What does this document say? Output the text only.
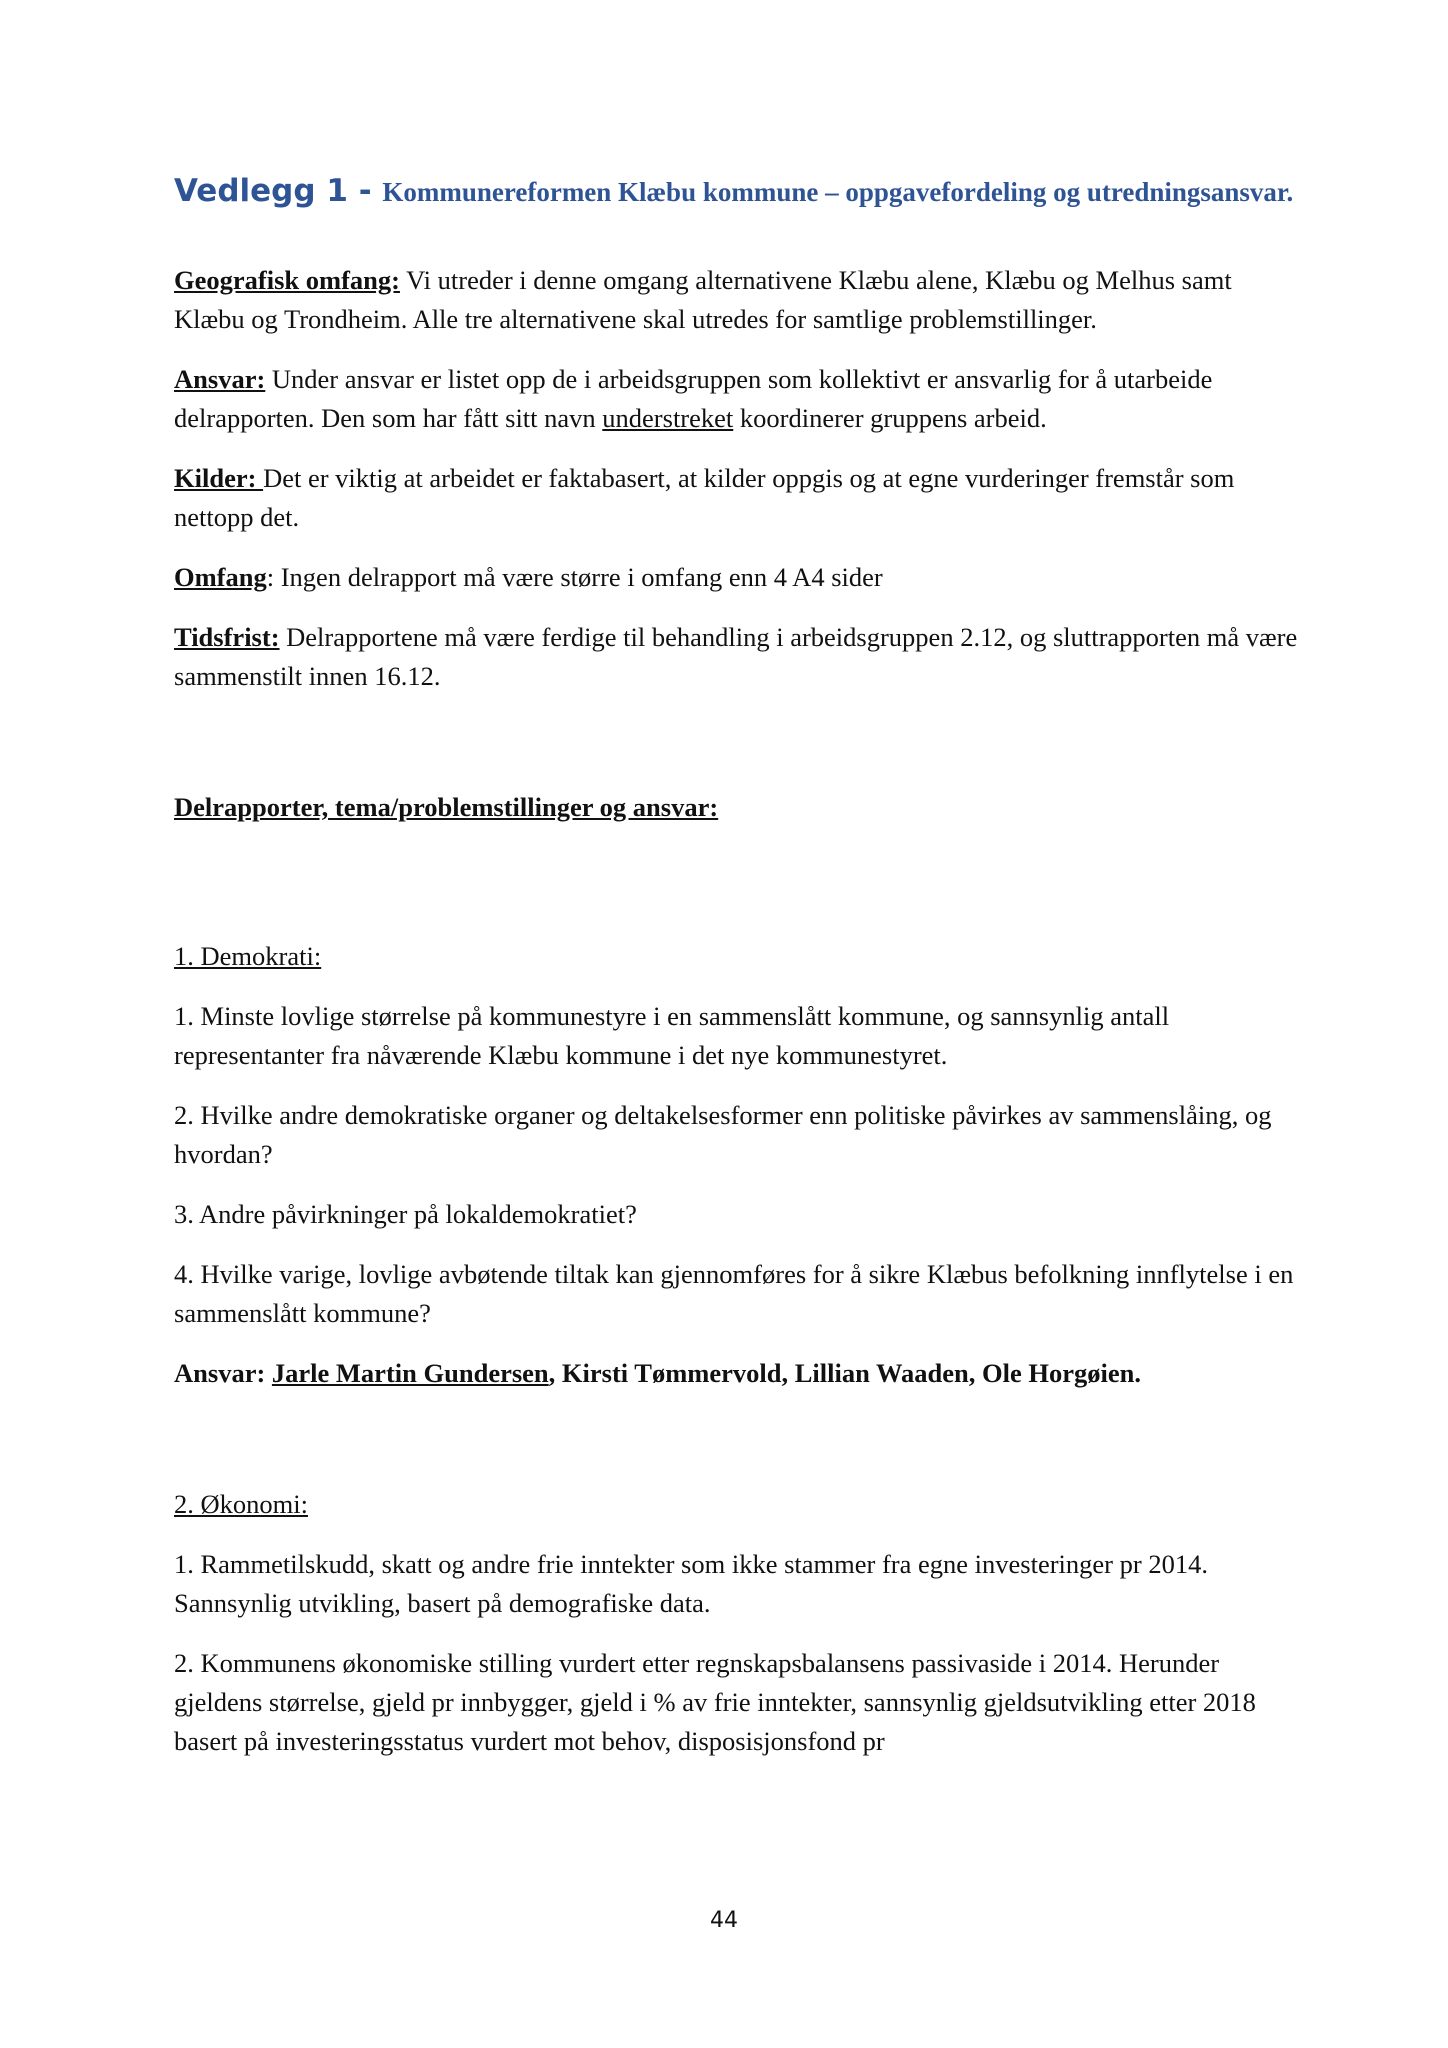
Vedlegg 1 - Kommunereformen Klæbu kommune – oppgavefordeling og utredningsansvar.

Geografisk omfang: Vi utreder i denne omgang alternativene Klæbu alene, Klæbu og Melhus samt Klæbu og Trondheim. Alle tre alternativene skal utredes for samtlige problemstillinger.

Ansvar: Under ansvar er listet opp de i arbeidsgruppen som kollektivt er ansvarlig for å utarbeide delrapporten. Den som har fått sitt navn understreket koordinerer gruppens arbeid.

Kilder: Det er viktig at arbeidet er faktabasert, at kilder oppgis og at egne vurderinger fremstår som nettopp det.

Omfang: Ingen delrapport må være større i omfang enn 4 A4 sider

Tidsfrist: Delrapportene må være ferdige til behandling i arbeidsgruppen 2.12, og sluttrapporten må være sammenstilt innen 16.12.

Delrapporter, tema/problemstillinger og ansvar:

1. Demokrati:

1. Minste lovlige størrelse på kommunestyre i en sammenslått kommune, og sannsynlig antall representanter fra nåværende Klæbu kommune i det nye kommunestyret.

2. Hvilke andre demokratiske organer og deltakelsesformer enn politiske påvirkes av sammenslåing, og hvordan?

3. Andre påvirkninger på lokaldemokratiet?

4. Hvilke varige, lovlige avbøtende tiltak kan gjennomføres for å sikre Klæbus befolkning innflytelse i en sammenslått kommune?

Ansvar: Jarle Martin Gundersen, Kirsti Tømmervold, Lillian Waaden, Ole Horgøien.

2. Økonomi:

1. Rammetilskudd, skatt og andre frie inntekter som ikke stammer fra egne investeringer pr 2014. Sannsynlig utvikling, basert på demografiske data.

2. Kommunens økonomiske stilling vurdert etter regnskapsbalansens passivaside i 2014. Herunder gjeldens størrelse, gjeld pr innbygger, gjeld i % av frie inntekter, sannsynlig gjeldsutvikling etter 2018 basert på investeringsstatus vurdert mot behov, disposisjonsfond pr

44
